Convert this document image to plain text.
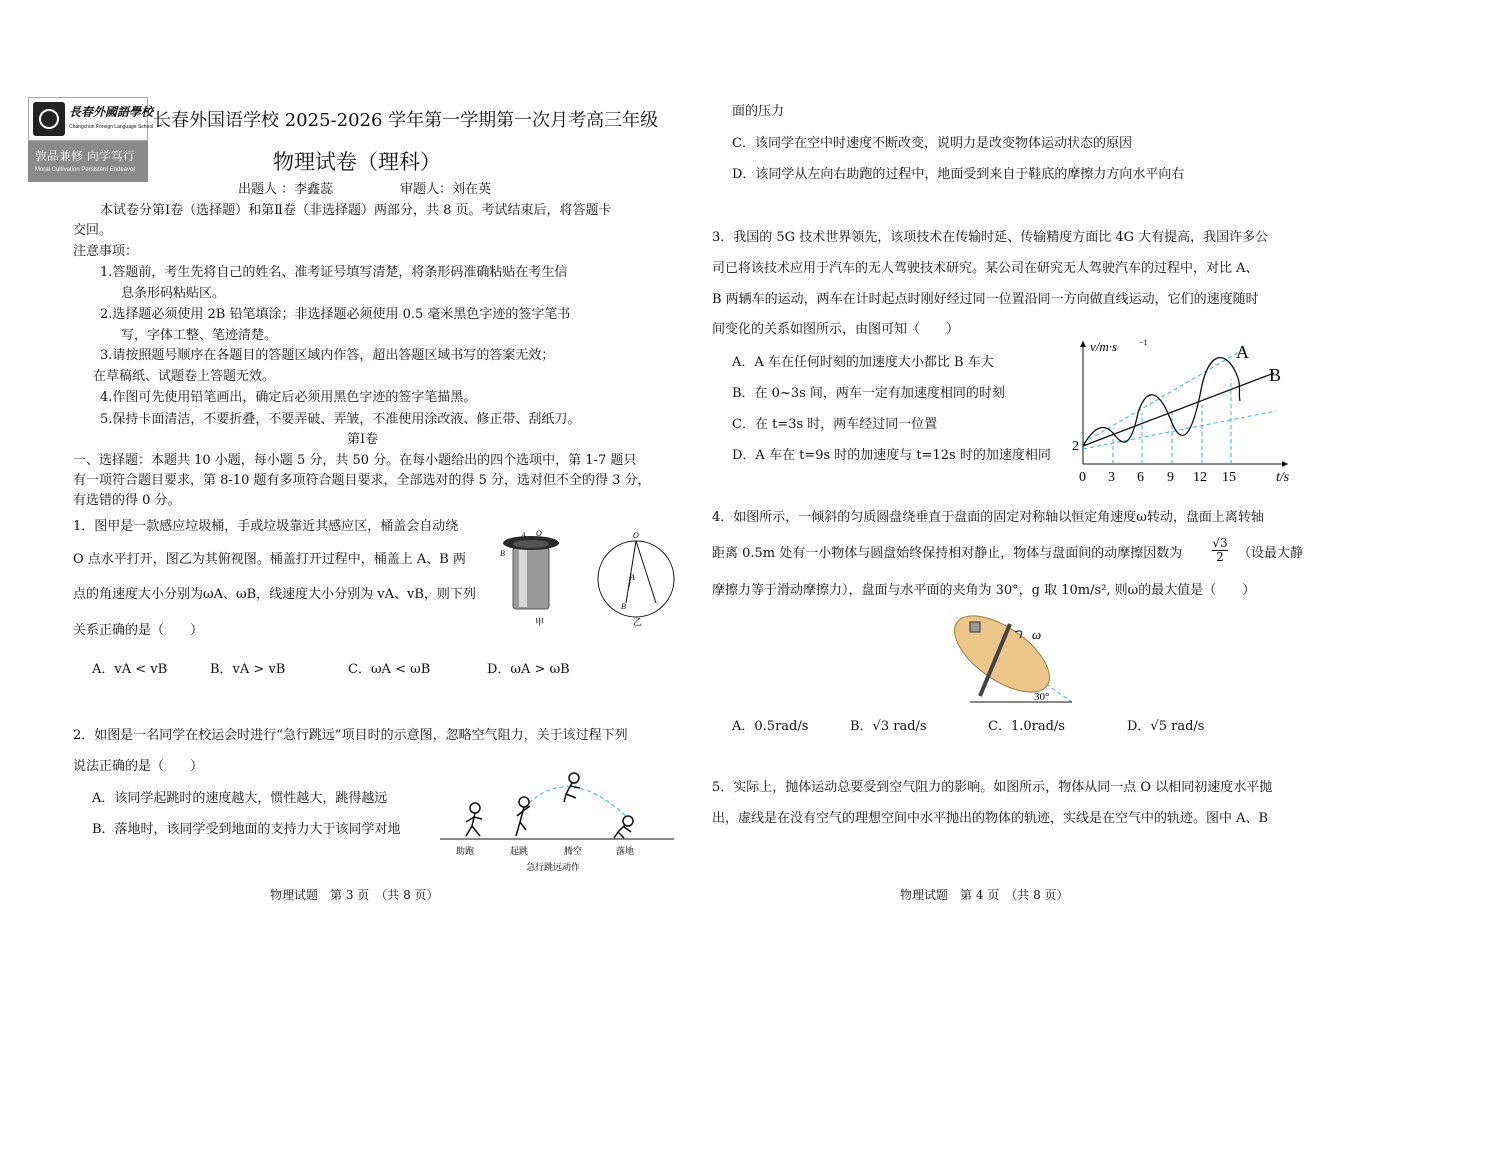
長春外國語學校
Changchun Foreign Language School
敦品兼修 向学笃行
Moral Cultivation Persistent Endeavor
长春外国语学校 2025-2026 学年第一学期第一次月考高三年级
物理试卷（理科）
出题人 ：李鑫蕊	审题人：刘在英
本试卷分第Ⅰ卷（选择题）和第Ⅱ卷（非选择题）两部分，共 8 页。考试结束后，将答题卡
交回。
注意事项：
1.答题前，考生先将自己的姓名、准考证号填写清楚，将条形码准确粘贴在考生信
息条形码粘贴区。
2.选择题必须使用 2B 铅笔填涂；非选择题必须使用 0.5 毫米黑色字迹的签字笔书
写，字体工整、笔迹清楚。
3.请按照题号顺序在各题目的答题区域内作答，超出答题区域书写的答案无效；
在草稿纸、试题卷上答题无效。
4.作图可先使用铅笔画出，确定后必须用黑色字迹的签字笔描黑。
5.保持卡面清洁，不要折叠，不要弄破、弄皱，不准使用涂改液、修正带、刮纸刀。
第Ⅰ卷
一、选择题：本题共 10 小题，每小题 5 分，共 50 分。在每小题给出的四个选项中，第 1-7 题只
有一项符合题目要求，第 8-10 题有多项符合题目要求，全部选对的得 5 分，选对但不全的得 3 分，
有选错的得 0 分。
1．图甲是一款感应垃圾桶，手或垃圾靠近其感应区，桶盖会自动绕
O 点水平打开，图乙为其俯视图。桶盖打开过程中，桶盖上 A、B 两
点的角速度大小分别为ωA、ωB，线速度大小分别为 vA、vB，则下列
关系正确的是（　　）
A O
B
甲
O
A
B
乙
A．vA < vB	B．vA > vB	C．ωA < ωB	D．ωA > ωB
2．如图是一名同学在校运会时进行“急行跳远”项目时的示意图，忽略空气阻力，关于该过程下列
说法正确的是（　　）
A．该同学起跳时的速度越大，惯性越大，跳得越远
B．落地时，该同学受到地面的支持力大于该同学对地
助跑	起跳	腾空	落地
急行跳远动作
物理试题　第 3 页　（共 8 页）
面的压力
C．该同学在空中时速度不断改变，说明力是改变物体运动状态的原因
D．该同学从左向右助跑的过程中，地面受到来自于鞋底的摩擦力方向水平向右
3．我国的 5G 技术世界领先，该项技术在传输时延、传输精度方面比 4G 大有提高，我国许多公
司已将该技术应用于汽车的无人驾驶技术研究。某公司在研究无人驾驶汽车的过程中，对比 A、
B 两辆车的运动，两车在计时起点时刚好经过同一位置沿同一方向做直线运动，它们的速度随时
间变化的关系如图所示，由图可知（　　）
A．A 车在任何时刻的加速度大小都比 B 车大
B．在 0~3s 间，两车一定有加速度相同的时刻
C．在 t=3s 时，两车经过同一位置
D．A 车在 t=9s 时的加速度与 t=12s 时的加速度相同
v/m·s	−1
2
0 3 6 9 12 15	t/s
A
B
4．如图所示，一倾斜的匀质圆盘绕垂直于盘面的固定对称轴以恒定角速度ω转动，盘面上离转轴
距离 0.5m 处有一小物体与圆盘始终保持相对静止，物体与盘面间的动摩擦因数为 $\frac{√3}{2}$ （设最大静
摩擦力等于滑动摩擦力），盘面与水平面的夹角为 30°，g 取 10m/s², 则ω的最大值是（　　）
ω
30°
A．0.5rad/s	B．√3 rad/s	C．1.0rad/s	D．√5 rad/s
5．实际上，抛体运动总要受到空气阻力的影响。如图所示，物体从同一点 O 以相同初速度水平抛
出，虚线是在没有空气的理想空间中水平抛出的物体的轨迹，实线是在空气中的轨迹。图中 A、B
物理试题　第 4 页　（共 8 页）
